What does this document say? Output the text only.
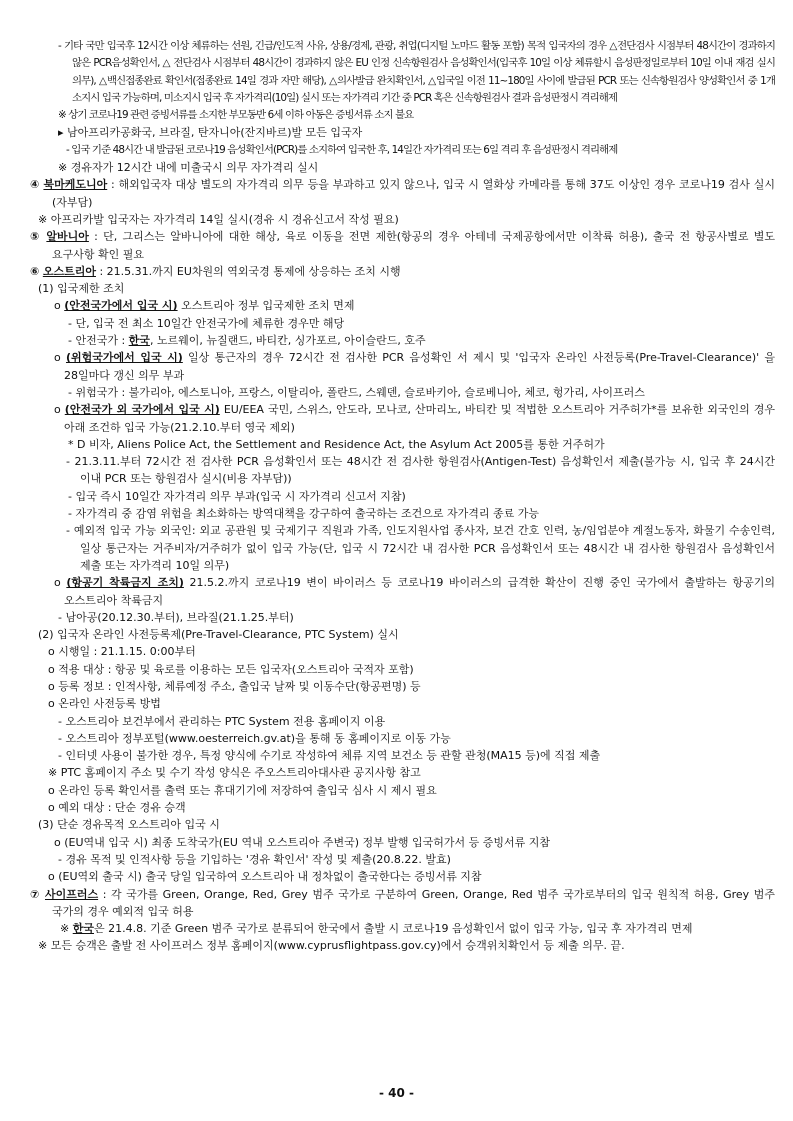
- 기타 국만 입국후 12시간 이상 체류하는 선원, 긴급/인도적 사유, 상용/경제, 관광, 취업(디지털 노마드 활동 포함) 목적 입국자의 경우 △전단검사 시점부터 48시간이 경과하지 않은 PCR음성확인서, △ 전단검사 시점부터 48시간이 경과하지 않은 EU 인정 신속항원검사 음성확인서(입국후 10일 이상 체류할시 음성판정일로부터 10일 이내 재검 실시 의무), △백신접종완료 확인서(접종완료 14일 경과 자만 해당), △의사발급 완치확인서, △입국일 이전 11~180일 사이에 발급된 PCR 또는 신속항원검사 양성확인서 중 1개 소지시 입국 가능하며, 미소지시 입국 후 자가격리(10일) 실시 또는 자가격리 기간 중 PCR 혹은 신속항원검사 결과 음성판정시 격리해제

※ 상기 코로나19 관련 증빙서류를 소지한 부모동반 6세 이하 아동은 증빙서류 소지 불요

▸ 남아프리카공화국, 브라질, 탄자니아(잔지바르)발 모든 입국자

- 입국 기준 48시간 내 발급된 코로나19 음성확인서(PCR)를 소지하여 입국한 후, 14일간 자가격리 또는 6일 격리 후 음성판정시 격리해제

※ 경유자가 12시간 내에 미출국시 의무 자가격리 실시

④ 북마케도니아 : 해외입국자 대상 별도의 자가격리 의무 등을 부과하고 있지 않으나, 입국 시 열화상 카메라를 통해 37도 이상인 경우 코로나19 검사 실시(자부담)

※ 아프리카발 입국자는 자가격리 14일 실시(경유 시 경유신고서 작성 필요)

⑤ 알바니아 : 단, 그리스는 알바니아에 대한 해상, 육로 이동을 전면 제한(항공의 경우 아테네 국제공항에서만 이착륙 허용), 출국 전 항공사별로 별도 요구사항 확인 필요

⑥ 오스트리아 : 21.5.31.까지 EU차원의 역외국경 통제에 상응하는 조치 시행

(1) 입국제한 조치

o (안전국가에서 입국 시) 오스트리아 정부 입국제한 조치 면제

- 단, 입국 전 최소 10일간 안전국가에 체류한 경우만 해당

- 안전국가 : 한국, 노르웨이, 뉴질랜드, 바티칸, 싱가포르, 아이슬란드, 호주

o (위험국가에서 입국 시) 일상 통근자의 경우 72시간 전 검사한 PCR 음성확인 서 제시 및 '입국자 온라인 사전등록(Pre-Travel-Clearance)' 을 28일마다 갱신 의무 부과

- 위험국가 : 불가리아, 에스토니아, 프랑스, 이탈리아, 폴란드, 스웨덴, 슬로바키아, 슬로베니아, 체코, 헝가리, 사이프러스

o (안전국가 외 국가에서 입국 시) EU/EEA 국민, 스위스, 안도라, 모나코, 산마리노, 바티칸 및 적법한 오스트리아 거주허가*를 보유한 외국인의 경우 아래 조건하 입국 가능(21.2.10.부터 영국 제외)

* D 비자, Aliens Police Act, the Settlement and Residence Act, the Asylum Act 2005를 통한 거주허가

- 21.3.11.부터 72시간 전 검사한 PCR 음성확인서 또는 48시간 전 검사한 항원검사(Antigen-Test) 음성확인서 제출(불가능 시, 입국 후 24시간 이내 PCR 또는 항원검사 실시(비용 자부담))

- 입국 즉시 10일간 자가격리 의무 부과(입국 시 자가격리 신고서 지참)

- 자가격리 중 감염 위험을 최소화하는 방역대책을 강구하여 출국하는 조건으로 자가격리 종료 가능

- 예외적 입국 가능 외국인: 외교 공관원 및 국제기구 직원과 가족, 인도지원사업 종사자, 보건 간호 인력, 농/임업분야 계절노동자, 화물기 수송인력, 일상 통근자는 거주비자/거주허가 없이 입국 가능(단, 입국 시 72시간 내 검사한 PCR 음성확인서 또는 48시간 내 검사한 항원검사 음성확인서 제출 또는 자가격리 10일 의무)

o (항공기 착륙금지 조치) 21.5.2.까지 코로나19 변이 바이러스 등 코로나19 바이러스의 급격한 확산이 진행 중인 국가에서 출발하는 항공기의 오스트리아 착륙금지

- 남아공(20.12.30.부터), 브라질(21.1.25.부터)

(2) 입국자 온라인 사전등록제(Pre-Travel-Clearance, PTC System) 실시

o 시행일 : 21.1.15. 0:00부터

o 적용 대상 : 항공 및 육로를 이용하는 모든 입국자(오스트리아 국적자 포함)

o 등록 정보 : 인적사항, 체류예정 주소, 출입국 날짜 및 이동수단(항공편명) 등

o 온라인 사전등록 방법

- 오스트리아 보건부에서 관리하는 PTC System 전용 홈페이지 이용

- 오스트리아 정부포털(www.oesterreich.gv.at)을 통해 동 홈페이지로 이동 가능

- 인터넷 사용이 불가한 경우, 특정 양식에 수기로 작성하여 체류 지역 보건소 등 관할 관청(MA15 등)에 직접 제출

※ PTC 홈페이지 주소 및 수기 작성 양식은 주오스트리아대사관 공지사항 참고

o 온라인 등록 확인서를 출력 또는 휴대기기에 저장하여 출입국 심사 시 제시 필요

o 예외 대상 : 단순 경유 승객

(3) 단순 경유목적 오스트리아 입국 시

o (EU역내 입국 시) 최종 도착국가(EU 역내 오스트리아 주변국) 정부 발행 입국허가서 등 증빙서류 지참

- 경유 목적 및 인적사항 등을 기입하는 '경유 확인서' 작성 및 제출(20.8.22. 발효)

o (EU역외 출국 시) 출국 당일 입국하여 오스트리아 내 정차없이 출국한다는 증빙서류 지참

⑦ 사이프러스 : 각 국가를 Green, Orange, Red, Grey 범주 국가로 구분하여 Green, Orange, Red 범주 국가로부터의 입국 원칙적 허용, Grey 범주 국가의 경우 예외적 입국 허용

※ 한국은 21.4.8. 기준 Green 범주 국가로 분류되어 한국에서 출발 시 코로나19 음성확인서 없이 입국 가능, 입국 후 자가격리 면제

※ 모든 승객은 출발 전 사이프러스 정부 홈페이지(www.cyprusflightpass.gov.cy)에서 승객위치확인서 등 제출 의무. 끝.

- 40 -
